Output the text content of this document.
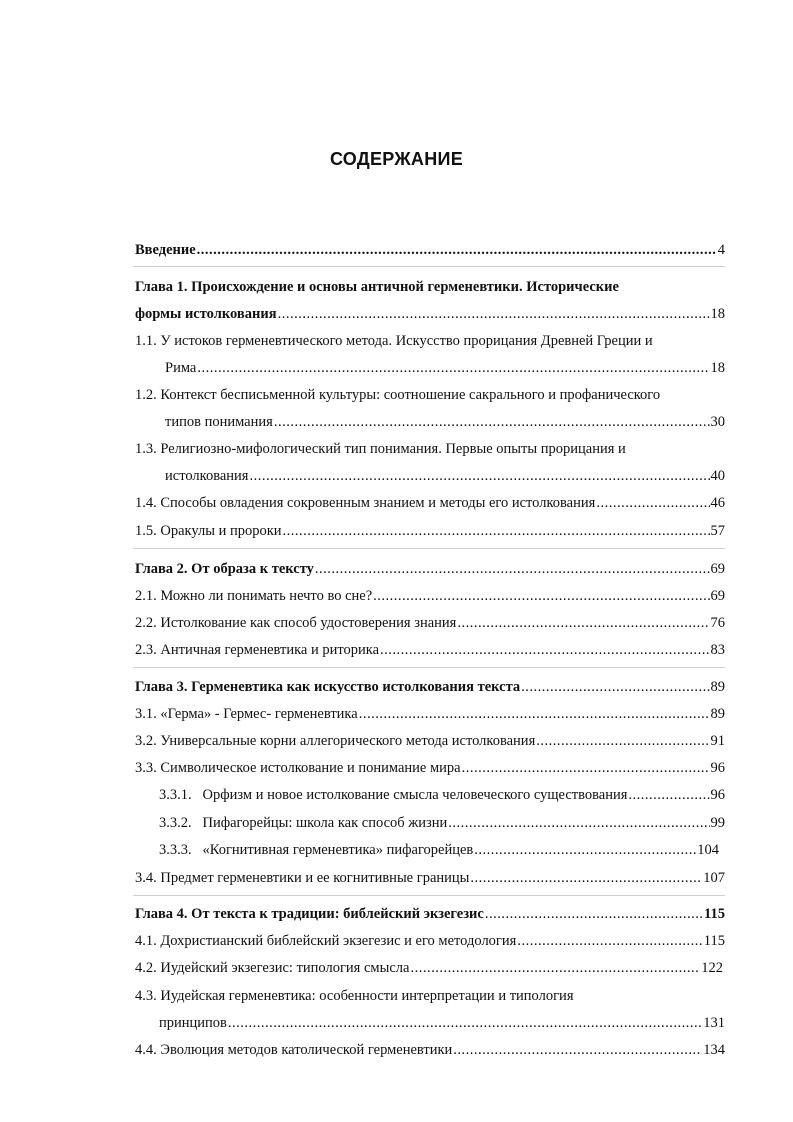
СОДЕРЖАНИЕ
Введение .....	4
Глава 1. Происхождение и основы античной герменевтики. Исторические
формы истолкования .....	18
1.1. У истоков герменевтического метода. Искусство прорицания Древней Греции и
Рима .....	18
1.2. Контекст бесписьменной культуры: соотношение сакрального и профанического
типов понимания .....	30
1.3. Религиозно-мифологический тип понимания. Первые опыты прорицания и
истолкования .....	40
1.4. Способы овладения сокровенным знанием и методы его истолкования .....	46
1.5. Оракулы и пророки .....	57
Глава 2. От образа к тексту .....	69
2.1. Можно ли понимать нечто во сне? .....	69
2.2. Истолкование как способ удостоверения знания .....	76
2.3. Античная герменевтика и риторика .....	83
Глава 3. Герменевтика как искусство истолкования текста .....	89
3.1. «Герма» - Гермес- герменевтика .....	89
3.2. Универсальные корни аллегорического метода истолкования .....	91
3.3. Символическое истолкование и понимание мира .....	96
3.3.1.   Орфизм и новое истолкование смысла человеческого существования .....	96
3.3.2.   Пифагорейцы: школа как способ жизни .....	99
3.3.3.   «Когнитивная герменевтика» пифагорейцев .....	104
3.4. Предмет герменевтики и ее когнитивные границы .....	107
Глава 4. От текста к традиции: библейский экзегезис .....	115
4.1. Дохристианский библейский экзегезис и его методология .....	115
4.2. Иудейский экзегезис: типология смысла .....	122
4.3. Иудейская герменевтика: особенности интерпретации и типология
принципов .....	131
4.4. Эволюция методов католической герменевтики .....	134
